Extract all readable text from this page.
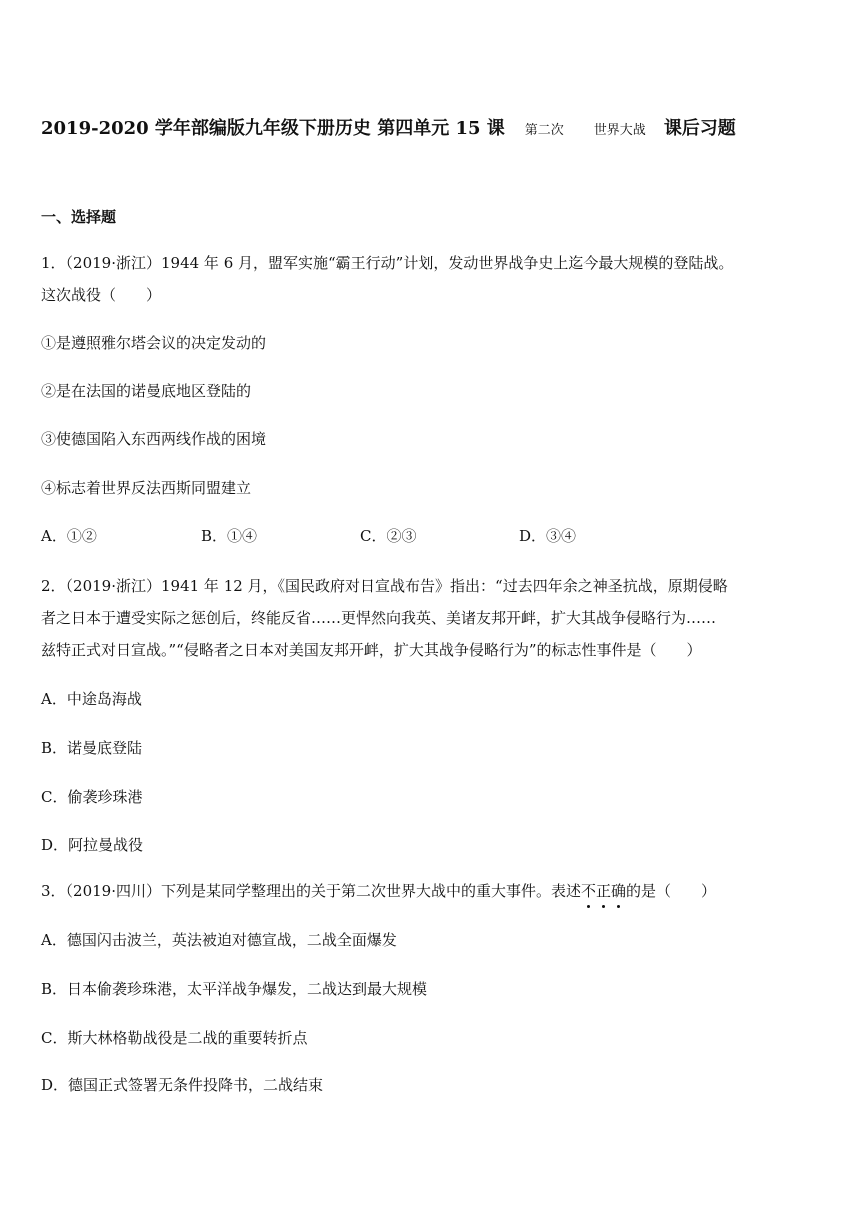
2019-2020 学年部编版九年级下册历史 第四单元 15 课 第二次 世界大战 课后习题
一、选择题
1．（2019·浙江）1944 年 6 月，盟军实施“霸王行动”计划，发动世界战争史上迄今最大规模的登陆战。
这次战役（　　）
①是遵照雅尔塔会议的决定发动的
②是在法国的诺曼底地区登陆的
③使德国陷入东西两线作战的困境
④标志着世界反法西斯同盟建立
A．①②	B．①④	C．②③	D．③④
2．（2019·浙江）1941 年 12 月，《国民政府对日宣战布告》指出：“过去四年余之神圣抗战，原期侵略
者之日本于遭受实际之惩创后，终能反省……更悍然向我英、美诸友邦开衅，扩大其战争侵略行为……
兹特正式对日宣战。”“侵略者之日本对美国友邦开衅，扩大其战争侵略行为”的标志性事件是（　　）
A．中途岛海战
B．诺曼底登陆
C．偷袭珍珠港
D．阿拉曼战役
3．（2019·四川）下列是某同学整理出的关于第二次世界大战中的重大事件。表述不正确的是（　　）
A．德国闪击波兰，英法被迫对德宣战，二战全面爆发
B．日本偷袭珍珠港，太平洋战争爆发，二战达到最大规模
C．斯大林格勒战役是二战的重要转折点
D．德国正式签署无条件投降书，二战结束
